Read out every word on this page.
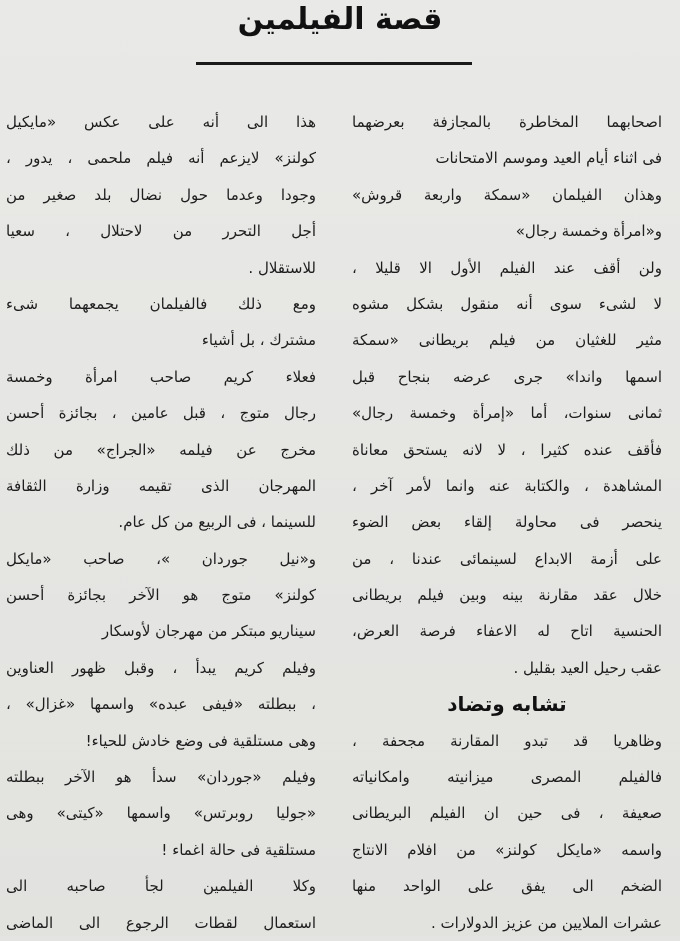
قصة الفيلمين
اصحابهما المخاطرة بالمجازفة بعرضهما
فى اثناء أيام العيد وموسم الامتحانات
وهذان الفيلمان «سمكة واربعة قروش»
و«امرأة وخمسة رجال»
ولن أقف عند الفيلم الأول الا قليلا ،
لا لشىء سوى أنه منقول بشكل مشوه
مثير للغثيان من فيلم بريطانى «سمكة
اسمها واندا» جرى عرضه بنجاح قبل
ثمانى سنوات، أما «إمرأة وخمسة رجال»
فأقف عنده كثيرا ، لا لانه يستحق معاناة
المشاهدة ، والكتابة عنه وانما لأمر آخر ،
ينحصر فى محاولة إلقاء بعض الضوء
على أزمة الابداع لسينمائى عندنا ، من
خلال عقد مقارنة بينه وبين فيلم بريطانى
الحنسية اتاح له الاعفاء فرصة العرض،
عقب رحيل العيد بقليل .
تشابه وتضاد
وظاهريا قد تبدو المقارنة مجحفة ،
فالفيلم المصرى ميزانيته وامكانياته
صعيفة ، فى حين ان الفيلم البريطانى
واسمه «مايكل كولنز» من افلام الانتاج
الضخم الى يفق على الواحد منها
عشرات الملايين من عزيز الدولارات .
هذا الى أنه على عكس «مايكيل
كولنز» لايزعم أنه فيلم ملحمى ، يدور ،
وجودا وعدما حول نضال بلد صغير من
أجل التحرر من لاحتلال ، سعيا
للاستقلال .
ومع ذلك فالفيلمان يجمعهما شىء
مشترك ، بل أشياء
فعلاء كريم صاحب امرأة وخمسة
رجال متوج ، قبل عامين ، بجائزة أحسن
مخرج عن فيلمه «الجراج» من ذلك
المهرجان الذى تقيمه وزارة الثقافة
للسينما ، فى الربيع من كل عام.
و«نيل جوردان »، صاحب «مايكل
كولنز» متوج هو الآخر بجائزة أحسن
سيناريو مبتكر من مهرجان لأوسكار
وفيلم كريم يبدأ ، وقبل ظهور العناوين
، ببطلته «فيفى عبده» واسمها «غزال» ،
وهى مستلقية فى وضع خادش للحياء!
وفيلم «جوردان» سدأ هو الآخر ببطلته
«جوليا روبرتس» واسمها «كيتى» وهى
مستلقية فى حالة اغماء !
وكلا الفيلمين لجأ صاحبه الى
استعمال لقطات الرجوع الى الماضى
